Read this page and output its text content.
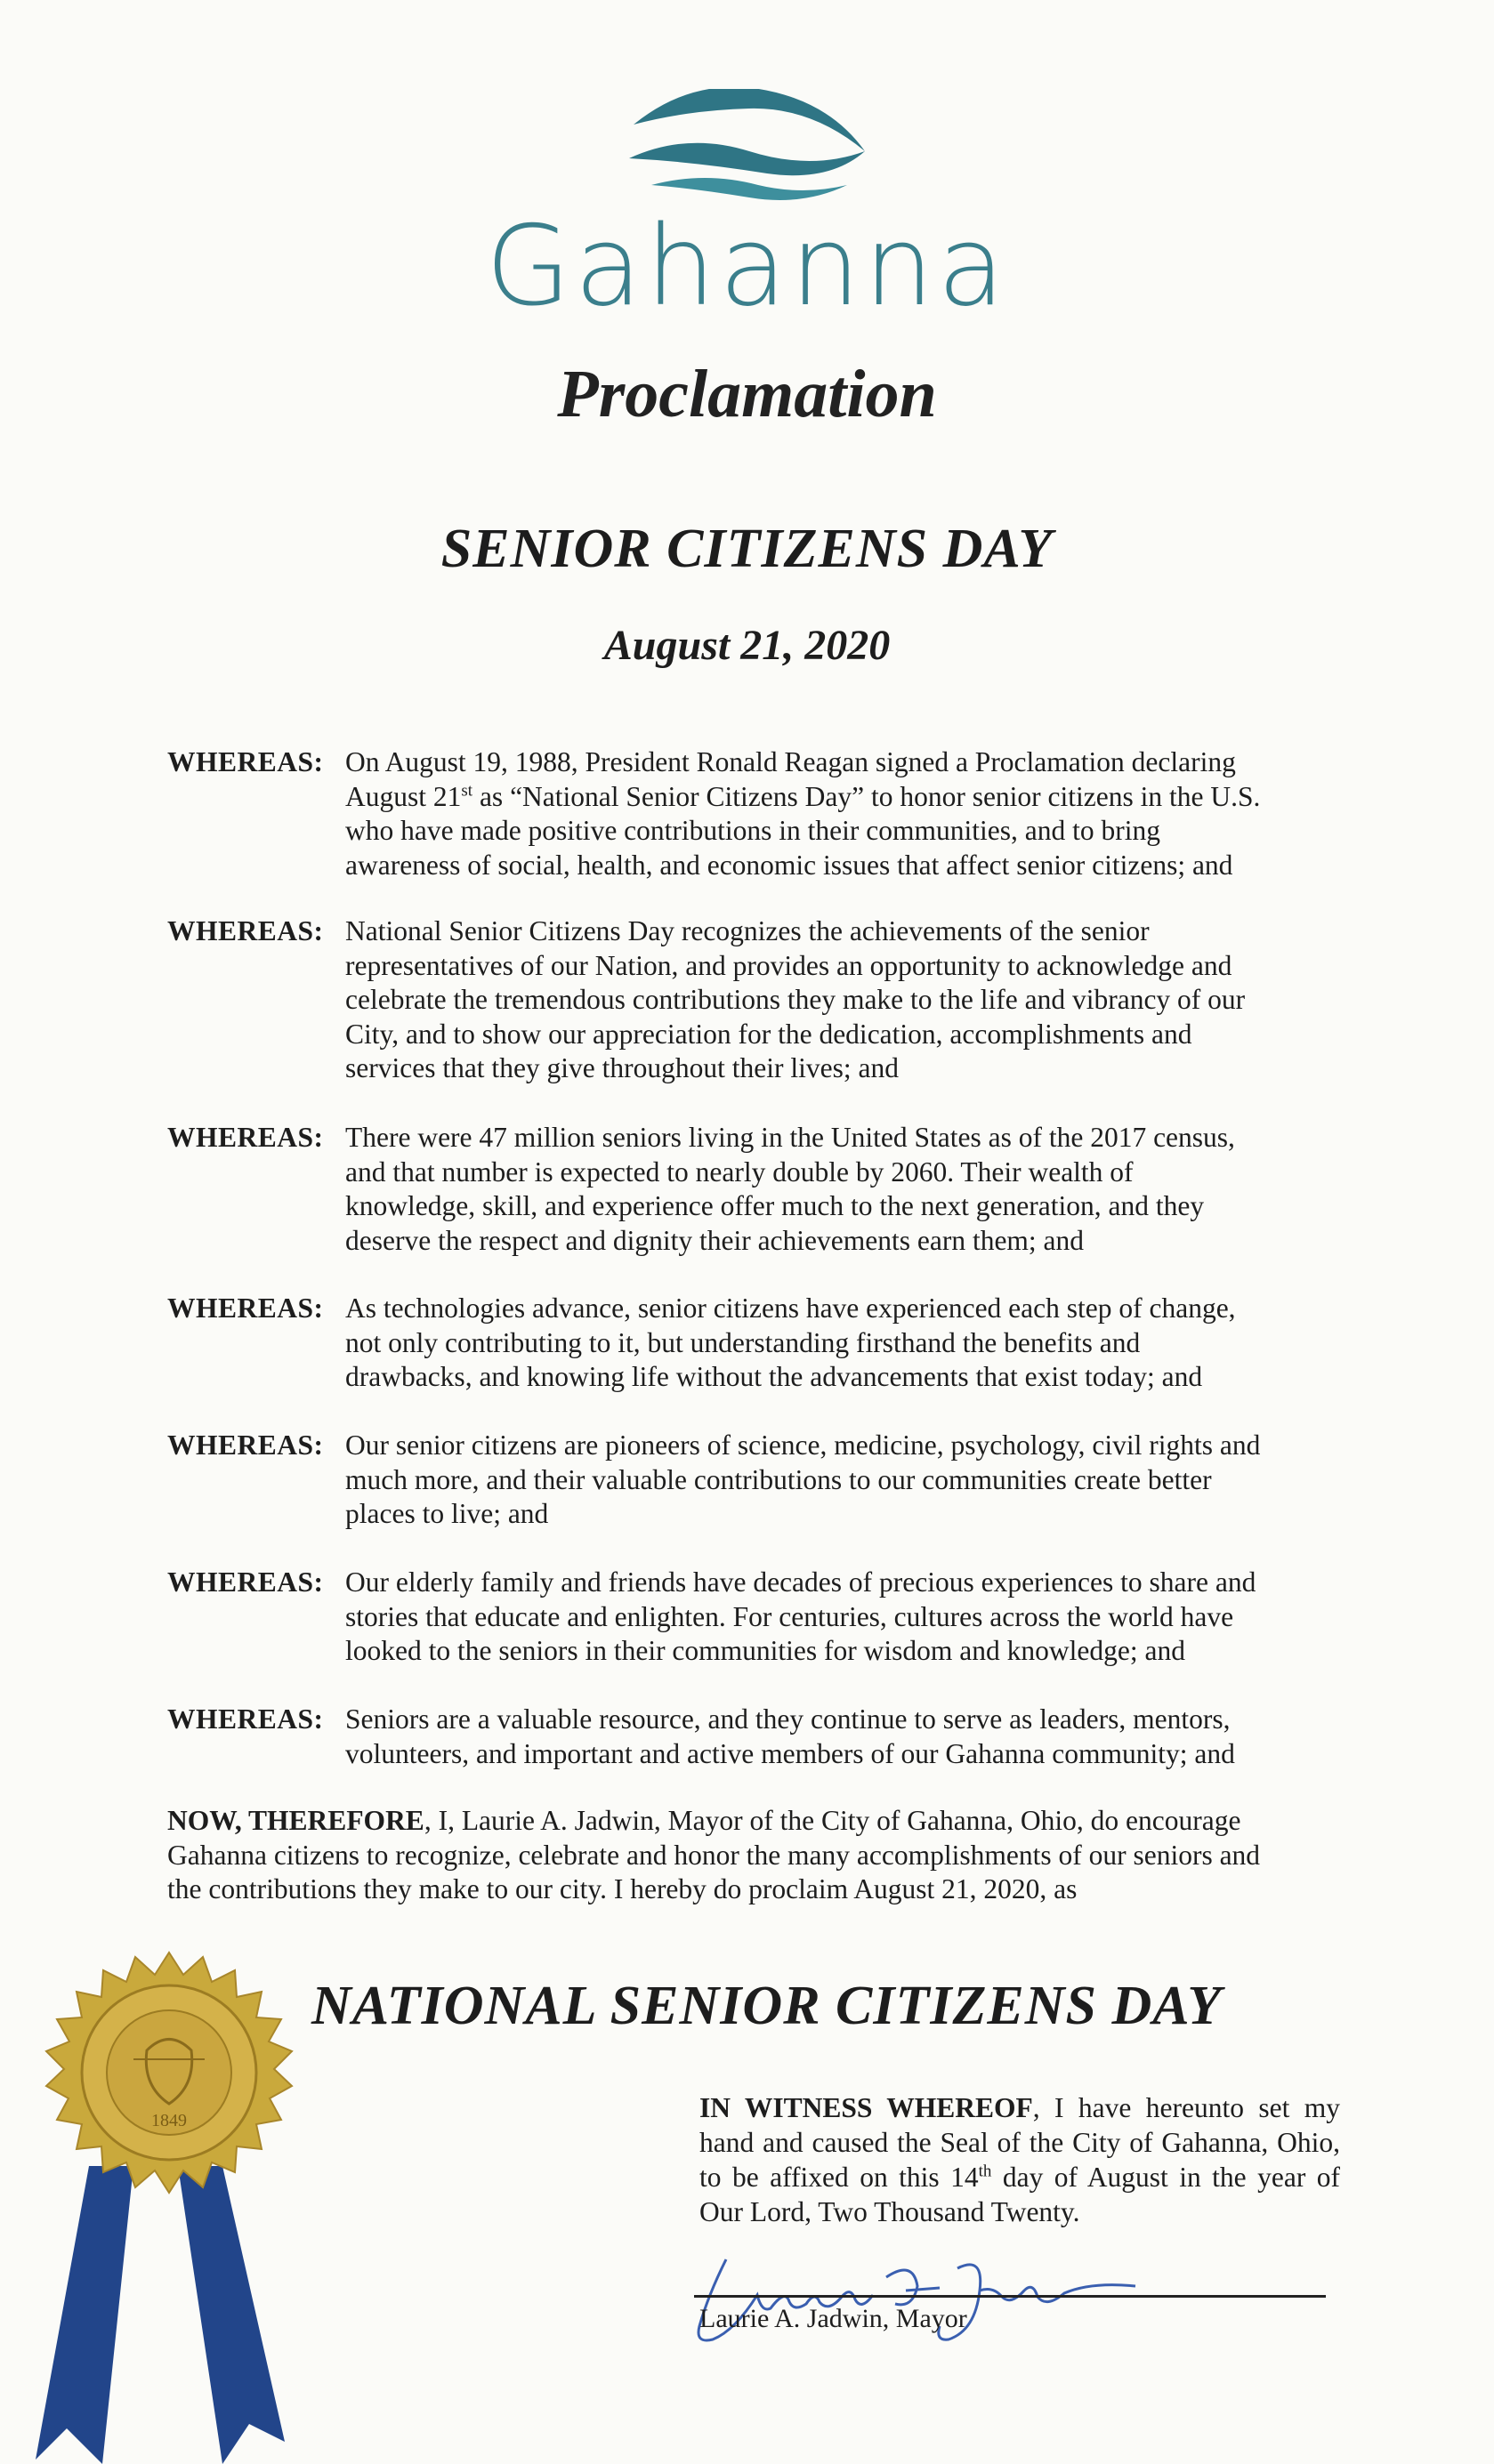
Gahanna
Proclamation
SENIOR CITIZENS DAY
August 21, 2020
WHEREAS: On August 19, 1988, President Ronald Reagan signed a Proclamation declaring
August 21st as “National Senior Citizens Day” to honor senior citizens in the U.S.
who have made positive contributions in their communities, and to bring
awareness of social, health, and economic issues that affect senior citizens; and
WHEREAS: National Senior Citizens Day recognizes the achievements of the senior
representatives of our Nation, and provides an opportunity to acknowledge and
celebrate the tremendous contributions they make to the life and vibrancy of our
City, and to show our appreciation for the dedication, accomplishments and
services that they give throughout their lives; and
WHEREAS: There were 47 million seniors living in the United States as of the 2017 census,
and that number is expected to nearly double by 2060. Their wealth of
knowledge, skill, and experience offer much to the next generation, and they
deserve the respect and dignity their achievements earn them; and
WHEREAS: As technologies advance, senior citizens have experienced each step of change,
not only contributing to it, but understanding firsthand the benefits and
drawbacks, and knowing life without the advancements that exist today; and
WHEREAS: Our senior citizens are pioneers of science, medicine, psychology, civil rights and
much more, and their valuable contributions to our communities create better
places to live; and
WHEREAS: Our elderly family and friends have decades of precious experiences to share and
stories that educate and enlighten. For centuries, cultures across the world have
looked to the seniors in their communities for wisdom and knowledge; and
WHEREAS: Seniors are a valuable resource, and they continue to serve as leaders, mentors,
volunteers, and important and active members of our Gahanna community; and
NOW, THEREFORE, I, Laurie A. Jadwin, Mayor of the City of Gahanna, Ohio, do encourage
Gahanna citizens to recognize, celebrate and honor the many accomplishments of our seniors and
the contributions they make to our city. I hereby do proclaim August 21, 2020, as
NATIONAL SENIOR CITIZENS DAY
IN WITNESS WHEREOF, I have hereunto set my hand and caused the Seal of the City of Gahanna, Ohio, to be affixed on this 14th day of August in the year of Our Lord, Two Thousand Twenty.
Laurie A. Jadwin, Mayor
1849
